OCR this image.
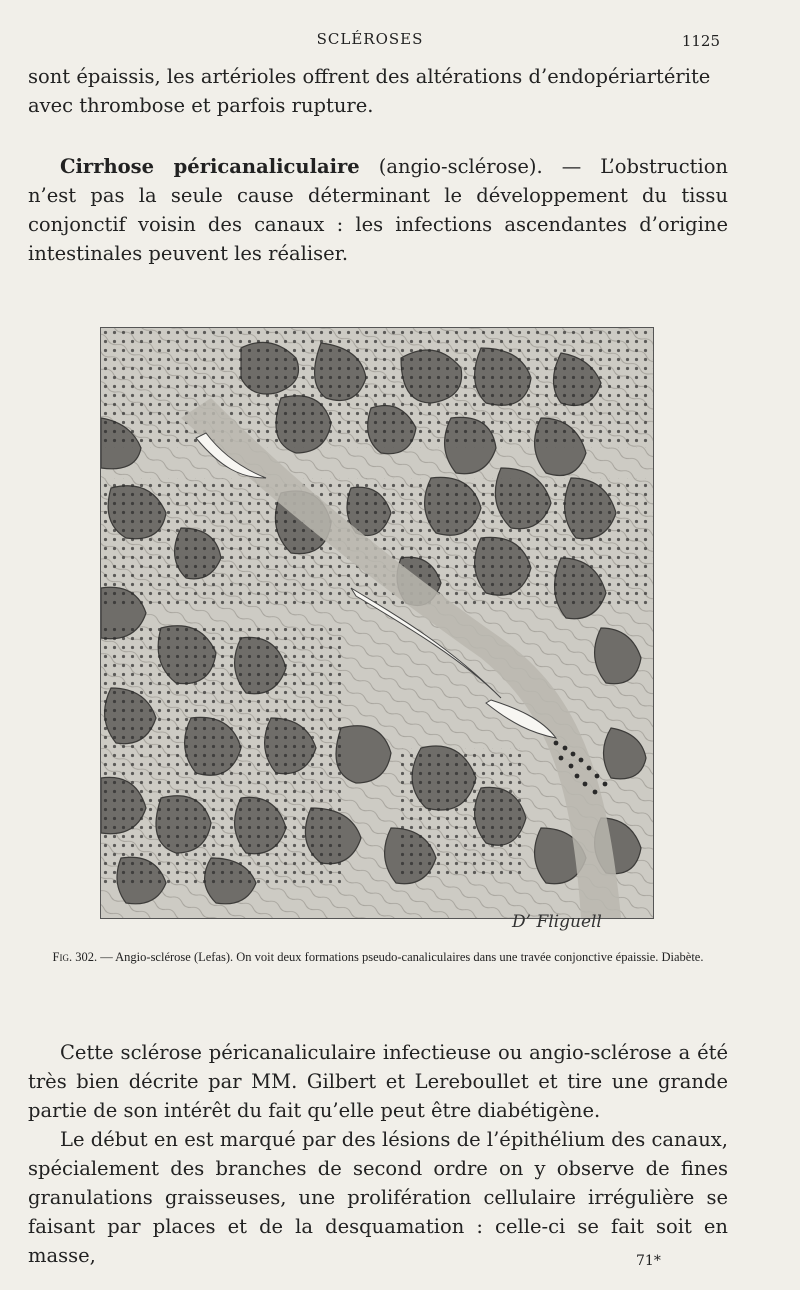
SCLÉROSES	1125

sont épaissis, les artérioles offrent des altérations d’endopériartérite

avec thrombose et parfois rupture.

Cirrhose péricanaliculaire (angio-sclérose). — L’obstruction n’est pas la seule cause déterminant le développement du tissu conjonctif voisin des canaux : les infections ascendantes d’origine intestinales peuvent les réaliser.

D’ Fliguell
Fig. 302. — Angio-sclérose (Lefas). On voit deux formations pseudo-canaliculaires dans une travée conjonctive épaissie. Diabète.

Cette sclérose péricanaliculaire infectieuse ou angio-sclérose a été très bien décrite par MM. Gilbert et Lereboullet et tire une grande partie de son intérêt du fait qu’elle peut être diabétigène.

Le début en est marqué par des lésions de l’épithélium des canaux, spécialement des branches de second ordre on y observe de fines granulations graisseuses, une prolifération cellulaire irrégulière se faisant par places et de la desquamation : celle-ci se fait soit en masse,	71*
